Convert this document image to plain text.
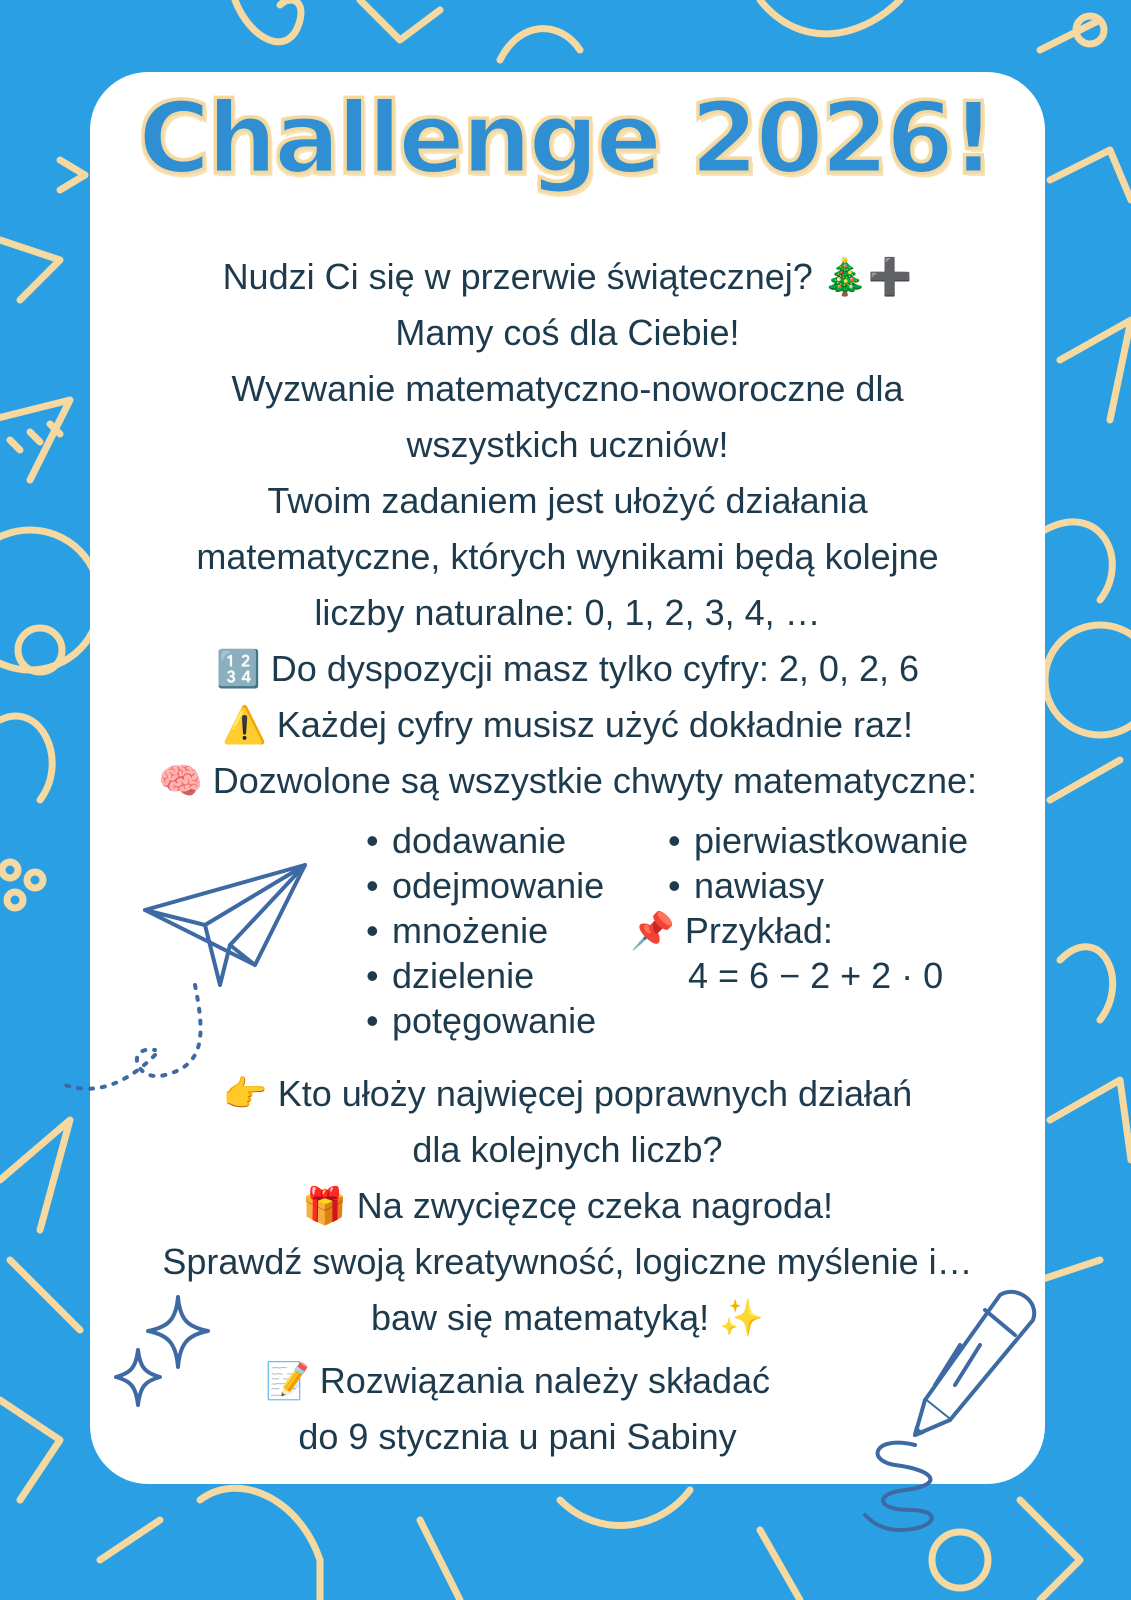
Challenge 2026!
Nudzi Ci się w przerwie świątecznej? 🎄➕
Mamy coś dla Ciebie!
Wyzwanie matematyczno-noworoczne dla
wszystkich uczniów!
Twoim zadaniem jest ułożyć działania
matematyczne, których wynikami będą kolejne
liczby naturalne: 0, 1, 2, 3, 4, …
🔢 Do dyspozycji masz tylko cyfry: 2, 0, 2, 6
⚠️ Każdej cyfry musisz użyć dokładnie raz!
🧠 Dozwolone są wszystkie chwyty matematyczne:
• dodawanie
• odejmowanie
• mnożenie
• dzielenie
• potęgowanie
• pierwiastkowanie
• nawiasy
📌 Przykład:
4 = 6 − 2 + 2 · 0
👉 Kto ułoży najwięcej poprawnych działań
dla kolejnych liczb?
🎁 Na zwycięzcę czeka nagroda!
Sprawdź swoją kreatywność, logiczne myślenie i…
baw się matematyką! ✨
📝 Rozwiązania należy składać
do 9 stycznia u pani Sabiny
